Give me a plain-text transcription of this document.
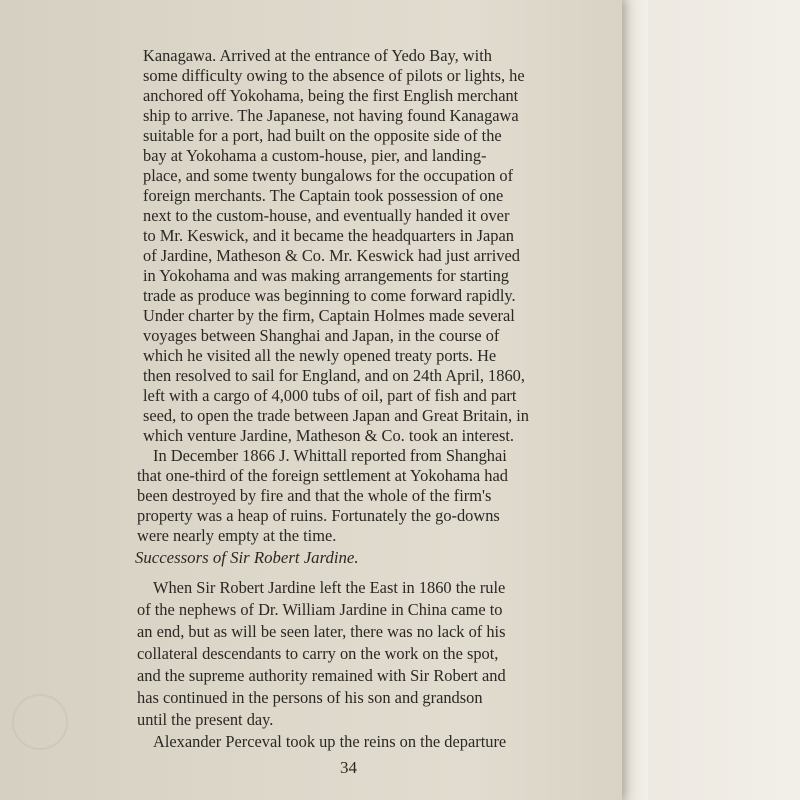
Kanagawa. Arrived at the entrance of Yedo Bay, with
some difficulty owing to the absence of pilots or lights, he
anchored off Yokohama, being the first English merchant
ship to arrive. The Japanese, not having found Kanagawa
suitable for a port, had built on the opposite side of the
bay at Yokohama a custom-house, pier, and landing-
place, and some twenty bungalows for the occupation of
foreign merchants. The Captain took possession of one
next to the custom-house, and eventually handed it over
to Mr. Keswick, and it became the headquarters in Japan
of Jardine, Matheson & Co. Mr. Keswick had just arrived
in Yokohama and was making arrangements for starting
trade as produce was beginning to come forward rapidly.
Under charter by the firm, Captain Holmes made several
voyages between Shanghai and Japan, in the course of
which he visited all the newly opened treaty ports. He
then resolved to sail for England, and on 24th April, 1860,
left with a cargo of 4,000 tubs of oil, part of fish and part
seed, to open the trade between Japan and Great Britain, in
which venture Jardine, Matheson & Co. took an interest.
In December 1866 J. Whittall reported from Shanghai
that one-third of the foreign settlement at Yokohama had
been destroyed by fire and that the whole of the firm's
property was a heap of ruins. Fortunately the go-downs
were nearly empty at the time.
Successors of Sir Robert Jardine.
When Sir Robert Jardine left the East in 1860 the rule
of the nephews of Dr. William Jardine in China came to
an end, but as will be seen later, there was no lack of his
collateral descendants to carry on the work on the spot,
and the supreme authority remained with Sir Robert and
has continued in the persons of his son and grandson
until the present day.
Alexander Perceval took up the reins on the departure
34
